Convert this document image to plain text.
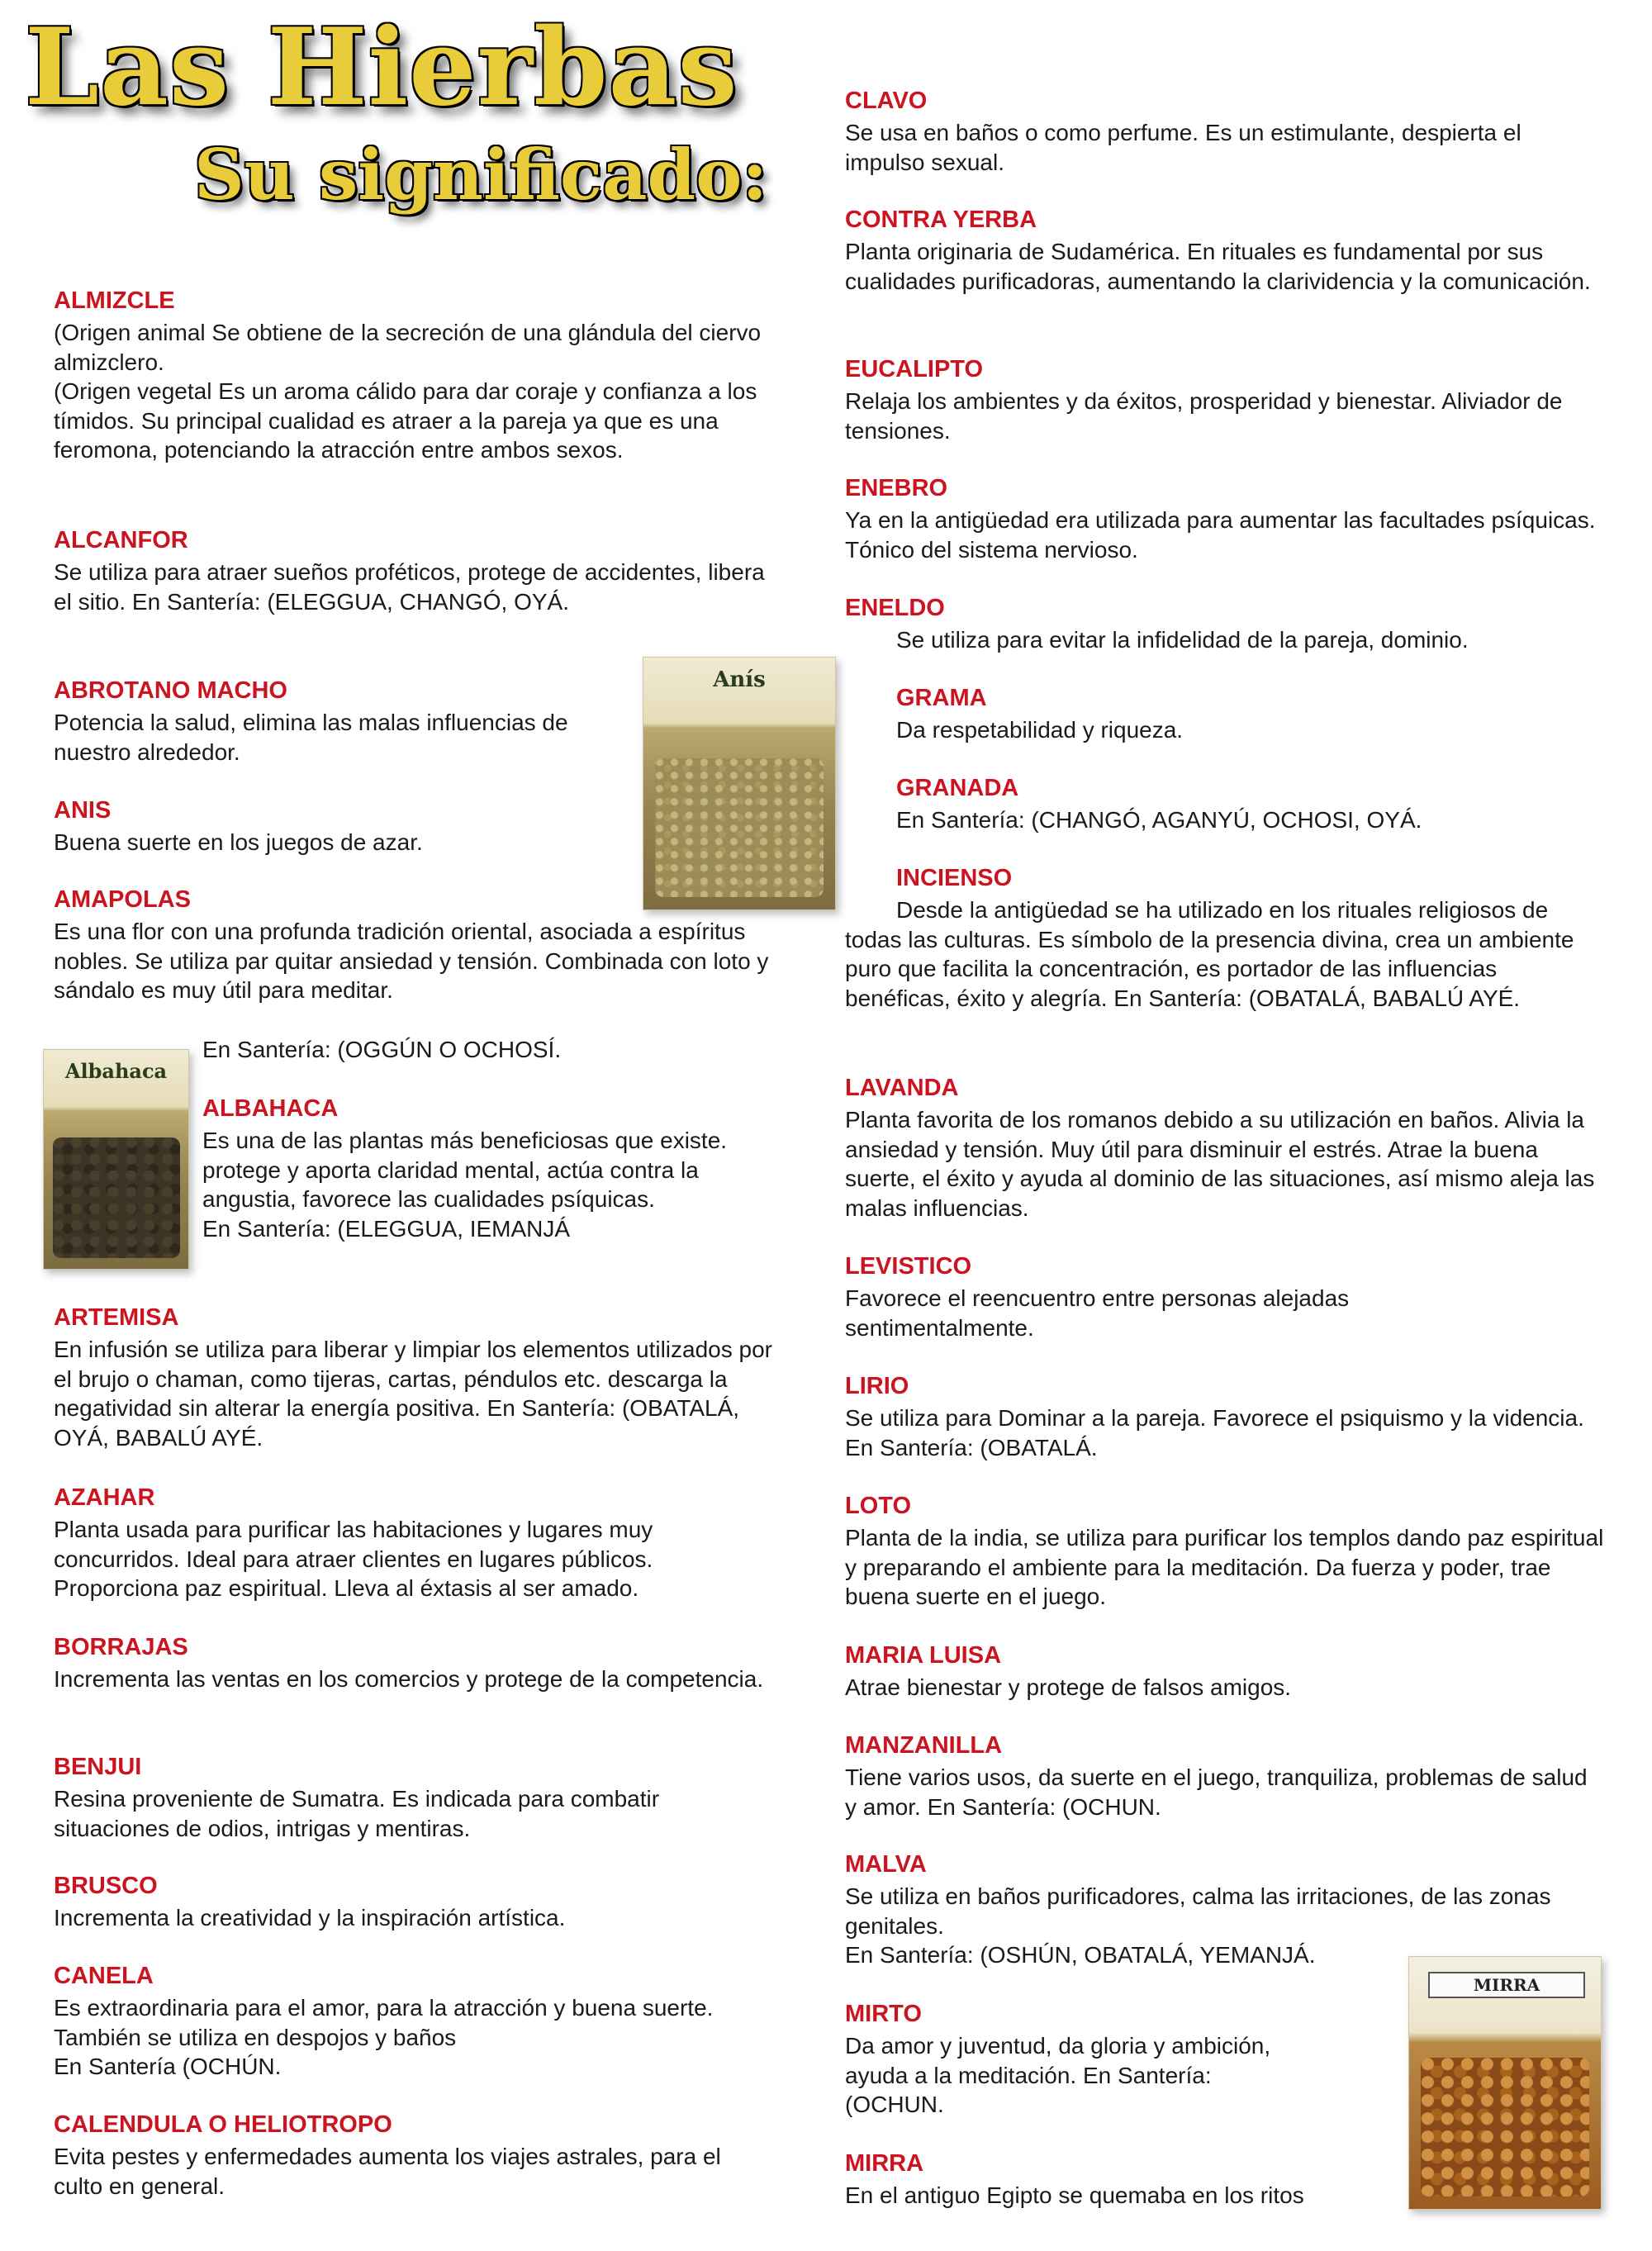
Las Hierbas
Su significado:
ALMIZCLE

(Origen animal Se obtiene de la secreción de una glándula del ciervo almizclero.

(Origen vegetal Es un aroma cálido para dar coraje y confianza a los tímidos. Su principal cualidad es atraer a la pareja ya que es una feromona, potenciando la atracción entre ambos sexos.

ALCANFOR

Se utiliza para atraer sueños proféticos, protege de accidentes, libera el sitio. En Santería: (ELEGGUA, CHANGÓ, OYÁ.

ABROTANO MACHO

Potencia la salud, elimina las malas influencias de nuestro alrededor.

ANIS

Buena suerte en los juegos de azar.

Anís
AMAPOLAS

Es una flor con una profunda tradición oriental, asociada a espíritus nobles. Se utiliza par quitar ansiedad y tensión. Combinada con loto y sándalo es muy útil para meditar.

En Santería: (OGGÚN O OCHOSÍ.

Albahaca
ALBAHACA

Es una de las plantas más beneficiosas que existe. protege y aporta claridad mental, actúa contra la angustia, favorece las cualidades psíquicas.

En Santería: (ELEGGUA, IEMANJÁ

ARTEMISA

En infusión se utiliza para liberar y limpiar los elementos utilizados por el brujo o chaman, como tijeras, cartas, péndulos etc. descarga la negatividad sin alterar la energía positiva. En Santería: (OBATALÁ, OYÁ, BABALÚ AYÉ.

AZAHAR

Planta usada para purificar las habitaciones y lugares muy concurridos. Ideal para atraer clientes en lugares públicos. Proporciona paz espiritual. Lleva al éxtasis al ser amado.

BORRAJAS

Incrementa las ventas en los comercios y protege de la competencia.

BENJUI

Resina proveniente de Sumatra. Es indicada para combatir situaciones de odios, intrigas y mentiras.

BRUSCO

Incrementa la creatividad y la inspiración artística.

CANELA

Es extraordinaria para el amor, para la atracción y buena suerte. También se utiliza en despojos y baños

En Santería (OCHÚN.

CALENDULA O HELIOTROPO

Evita pestes y enfermedades aumenta los viajes astrales, para el culto en general.

CLAVO

Se usa en baños o como perfume. Es un estimulante, despierta el impulso sexual.

CONTRA YERBA

Planta originaria de Sudamérica. En rituales es fundamental por sus cualidades purificadoras, aumentando la clarividencia y la comunicación.

EUCALIPTO

Relaja los ambientes y da éxitos, prosperidad y bienestar. Aliviador de tensiones.

ENEBRO

Ya en la antigüedad era utilizada para aumentar las facultades psíquicas. Tónico del sistema nervioso.

ENELDO

Se utiliza para evitar la infidelidad de la pareja, dominio.

GRAMA

Da respetabilidad y riqueza.

GRANADA

En Santería: (CHANGÓ, AGANYÚ, OCHOSI, OYÁ.

INCIENSO

Desde la antigüedad se ha utilizado en los rituales religiosos de todas las culturas. Es símbolo de la presencia divina, crea un ambiente puro que facilita la concentración, es portador de las influencias benéficas, éxito y alegría. En Santería: (OBATALÁ, BABALÚ AYÉ.

LAVANDA

Planta favorita de los romanos debido a su utilización en baños. Alivia la ansiedad y tensión. Muy útil para disminuir el estrés. Atrae la buena suerte, el éxito y ayuda al dominio de las situaciones, así mismo aleja las malas influencias.

LEVISTICO

Favorece el reencuentro entre personas alejadas sentimentalmente.

LIRIO

Se utiliza para Dominar a la pareja. Favorece el psiquismo y la videncia. En Santería: (OBATALÁ.

LOTO

Planta de la india, se utiliza para purificar los templos dando paz espiritual y preparando el ambiente para la meditación. Da fuerza y poder, trae buena suerte en el juego.

MARIA LUISA

Atrae bienestar y protege de falsos amigos.

MANZANILLA

Tiene varios usos, da suerte en el juego, tranquiliza, problemas de salud y amor. En Santería: (OCHUN.

MALVA

Se utiliza en baños purificadores, calma las irritaciones, de las zonas genitales.

En Santería: (OSHÚN, OBATALÁ, YEMANJÁ.

MIRTO

Da amor y juventud, da gloria y ambición, ayuda a la meditación. En Santería: (OCHUN.

MIRRA

En el antiguo Egipto se quemaba en los ritos

MIRRA
